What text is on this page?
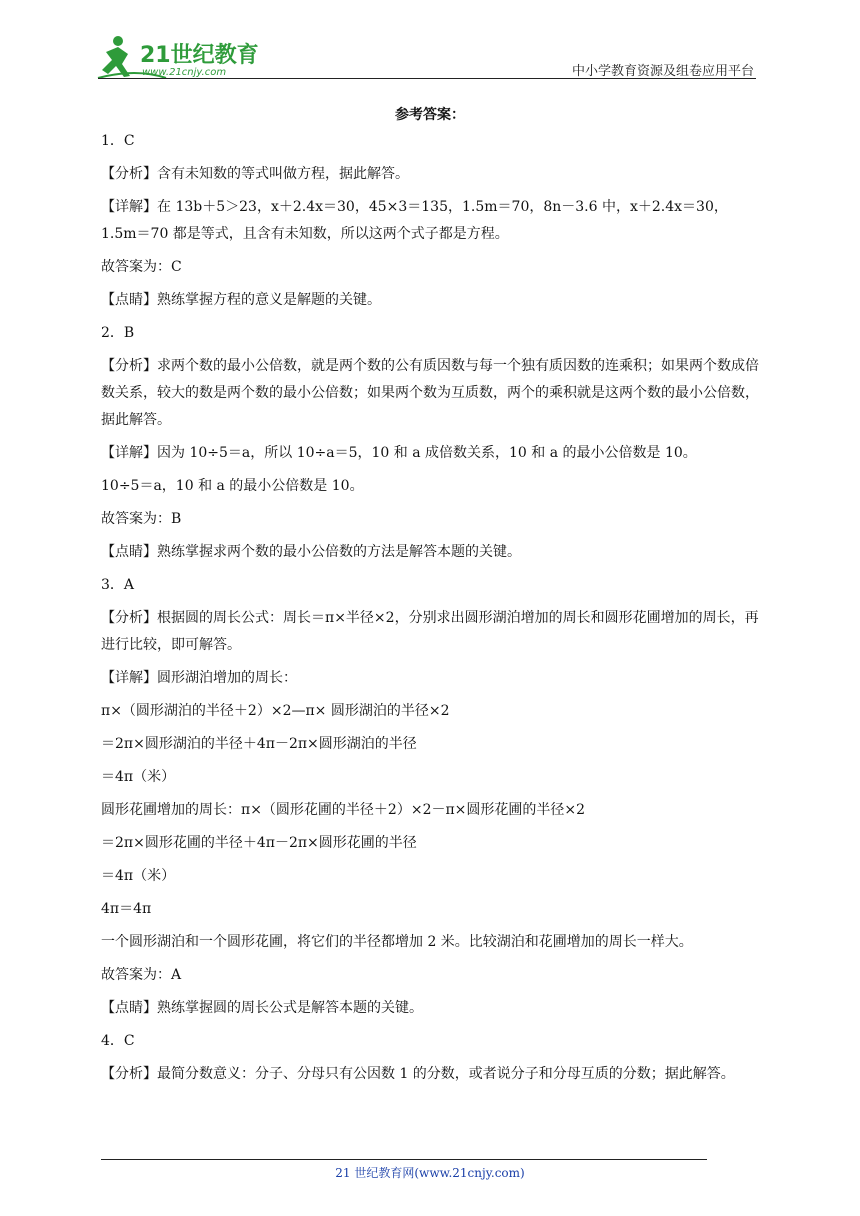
21世纪教育
www.21cnjy.com	中小学教育资源及组卷应用平台
参考答案：

1．C

【分析】含有未知数的等式叫做方程，据此解答。

【详解】在 13b＋5＞23，x＋2.4x＝30，45×3＝135，1.5m＝70，8n－3.6 中，x＋2.4x＝30，1.5m＝70 都是等式，且含有未知数，所以这两个式子都是方程。

故答案为：C

【点睛】熟练掌握方程的意义是解题的关键。

2．B

【分析】求两个数的最小公倍数，就是两个数的公有质因数与每一个独有质因数的连乘积；如果两个数成倍数关系，较大的数是两个数的最小公倍数；如果两个数为互质数，两个的乘积就是这两个数的最小公倍数，据此解答。

【详解】因为 10÷5＝a，所以 10÷a＝5，10 和 a 成倍数关系，10 和 a 的最小公倍数是 10。

10÷5＝a，10 和 a 的最小公倍数是 10。

故答案为：B

【点睛】熟练掌握求两个数的最小公倍数的方法是解答本题的关键。

3．A

【分析】根据圆的周长公式：周长＝π×半径×2，分别求出圆形湖泊增加的周长和圆形花圃增加的周长，再进行比较，即可解答。

【详解】圆形湖泊增加的周长：

π×（圆形湖泊的半径＋2）×2—π× 圆形湖泊的半径×2

＝2π×圆形湖泊的半径＋4π－2π×圆形湖泊的半径

＝4π（米）

圆形花圃增加的周长：π×（圆形花圃的半径＋2）×2－π×圆形花圃的半径×2

＝2π×圆形花圃的半径＋4π－2π×圆形花圃的半径

＝4π（米）

4π＝4π

一个圆形湖泊和一个圆形花圃，将它们的半径都增加 2 米。比较湖泊和花圃增加的周长一样大。

故答案为：A

【点睛】熟练掌握圆的周长公式是解答本题的关键。

4．C

【分析】最简分数意义：分子、分母只有公因数 1 的分数，或者说分子和分母互质的分数；据此解答。

21 世纪教育网(www.21cnjy.com)
